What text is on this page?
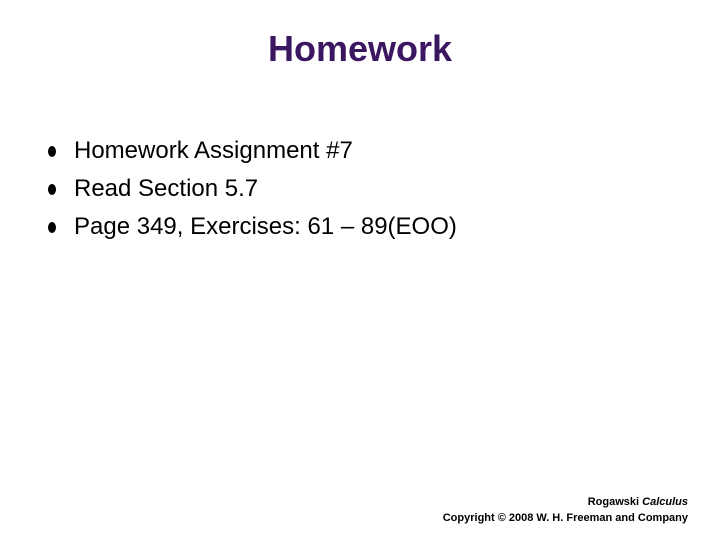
Homework
Homework Assignment #7
Read Section 5.7
Page 349, Exercises: 61 – 89(EOO)
Rogawski Calculus
Copyright © 2008 W. H. Freeman and Company
